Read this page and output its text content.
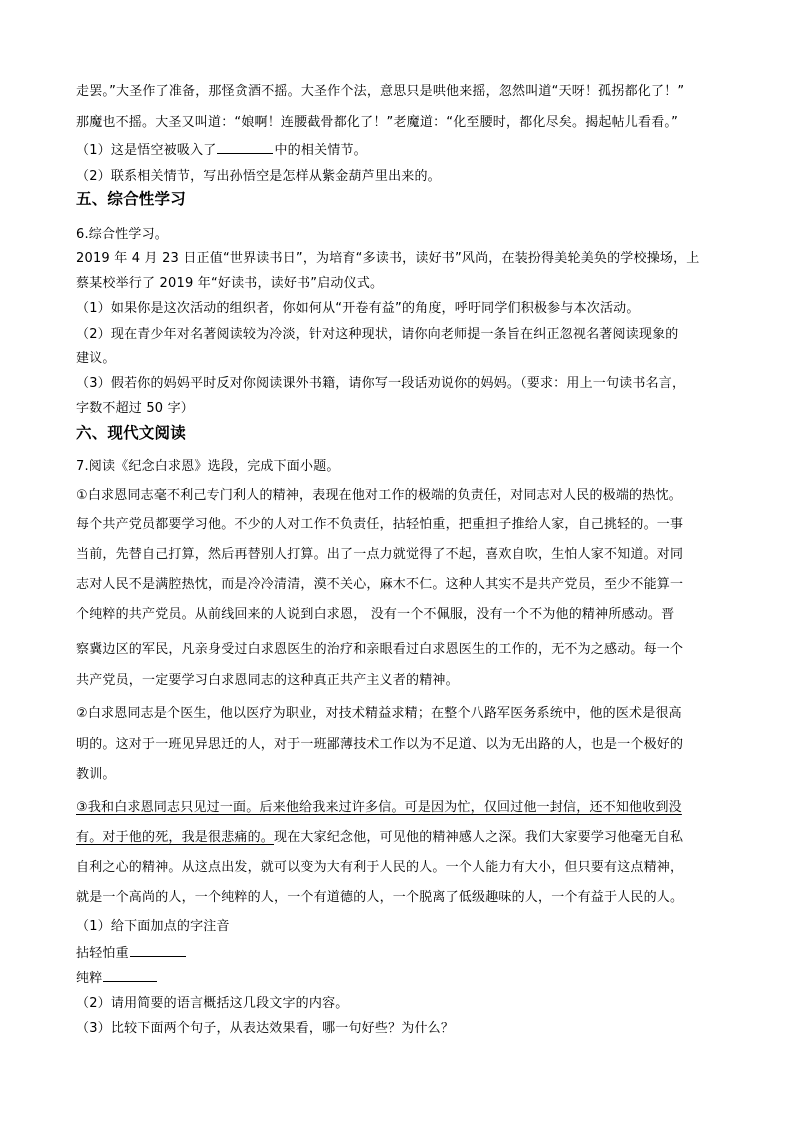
走罢。”大圣作了准备，那怪贪酒不摇。大圣作个法，意思只是哄他来摇，忽然叫道“天呀！孤拐都化了！”
那魔也不摇。大圣又叫道：“娘啊！连腰截骨都化了！”老魔道：“化至腰时，都化尽矣。揭起帖儿看看。”
（1）这是悟空被吸入了	中的相关情节。
（2）联系相关情节，写出孙悟空是怎样从紫金葫芦里出来的。
五、综合性学习
6.综合性学习。
2019 年 4 月 23 日正值“世界读书日”，为培育“多读书，读好书”风尚，在装扮得美轮美奂的学校操场，上
蔡某校举行了 2019 年“好读书，读好书”启动仪式。
（1）如果你是这次活动的组织者，你如何从“开卷有益”的角度，呼吁同学们积极参与本次活动。
（2）现在青少年对名著阅读较为冷淡，针对这种现状，请你向老师提一条旨在纠正忽视名著阅读现象的
建议。
（3）假若你的妈妈平时反对你阅读课外书籍，请你写一段话劝说你的妈妈。（要求：用上一句读书名言，
字数不超过 50 字）
六、现代文阅读
7.阅读《纪念白求恩》选段，完成下面小题。
①白求恩同志毫不利己专门利人的精神，表现在他对工作的极端的负责任，对同志对人民的极端的热忱。
每个共产党员都要学习他。不少的人对工作不负责任，拈轻怕重，把重担子推给人家，自己挑轻的。一事
当前，先替自己打算，然后再替别人打算。出了一点力就觉得了不起，喜欢自吹，生怕人家不知道。对同
志对人民不是满腔热忱，而是冷冷清清，漠不关心，麻木不仁。这种人其实不是共产党员，至少不能算一
个纯粹的共产党员。从前线回来的人说到白求恩， 没有一个不佩服，没有一个不为他的精神所感动。晋
察冀边区的军民，凡亲身受过白求恩医生的治疗和亲眼看过白求恩医生的工作的，无不为之感动。每一个
共产党员，一定要学习白求恩同志的这种真正共产主义者的精神。
②白求恩同志是个医生，他以医疗为职业，对技术精益求精；在整个八路军医务系统中，他的医术是很高
明的。这对于一班见异思迁的人，对于一班鄙薄技术工作以为不足道、以为无出路的人，也是一个极好的
教训。
③我和白求恩同志只见过一面。后来他给我来过许多信。可是因为忙，仅回过他一封信，还不知他收到没
有。对于他的死，我是很悲痛的。现在大家纪念他，可见他的精神感人之深。我们大家要学习他毫无自私
自利之心的精神。从这点出发，就可以变为大有利于人民的人。一个人能力有大小，但只要有这点精神，
就是一个高尚的人，一个纯粹的人，一个有道德的人，一个脱离了低级趣味的人，一个有益于人民的人。
（1）给下面加点的字注音
拈轻怕重
纯粹
（2）请用简要的语言概括这几段文字的内容。
（3）比较下面两个句子，从表达效果看，哪一句好些？为什么？
